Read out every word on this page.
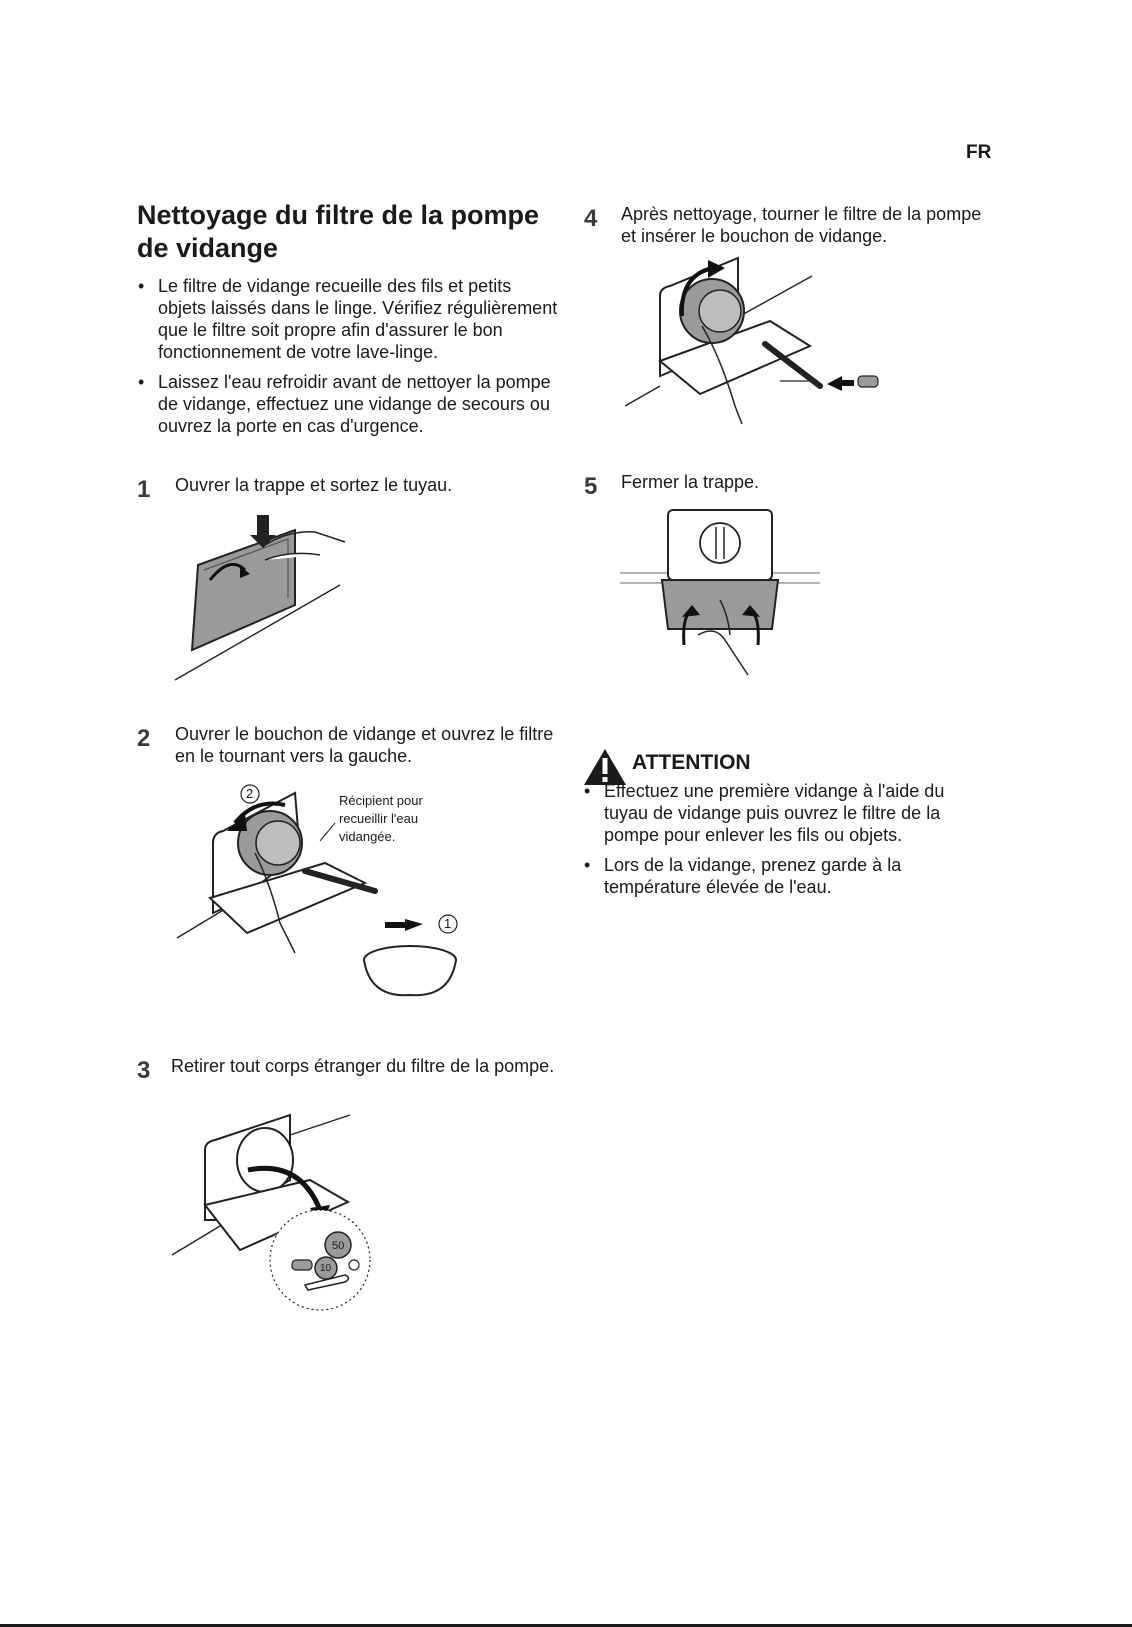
FR
Nettoyage du filtre de la pompe de vidange
• Le filtre de vidange recueille des fils et petits objets laissés dans le linge. Vérifiez régulièrement que le filtre soit propre afin d'assurer le bon fonctionnement de votre lave-linge.
• Laissez l'eau refroidir avant de nettoyer la pompe de vidange, effectuez une vidange de secours ou ouvrez la porte en cas d'urgence.
1 Ouvrer la trappe et sortez le tuyau.
2 Ouvrer le bouchon de vidange et ouvrez le filtre en le tournant vers la gauche.
Récipient pour recueillir l'eau vidangée.
2
1
3 Retirer tout corps étranger du filtre de la pompe.
50
10
4 Après nettoyage, tourner le filtre de la pompe et insérer le bouchon de vidange.
5 Fermer la trappe.
ATTENTION
• Effectuez une première vidange à l'aide du tuyau de vidange puis ouvrez le filtre de la pompe pour enlever les fils ou objets.
• Lors de la vidange, prenez garde à la température élevée de l'eau.
